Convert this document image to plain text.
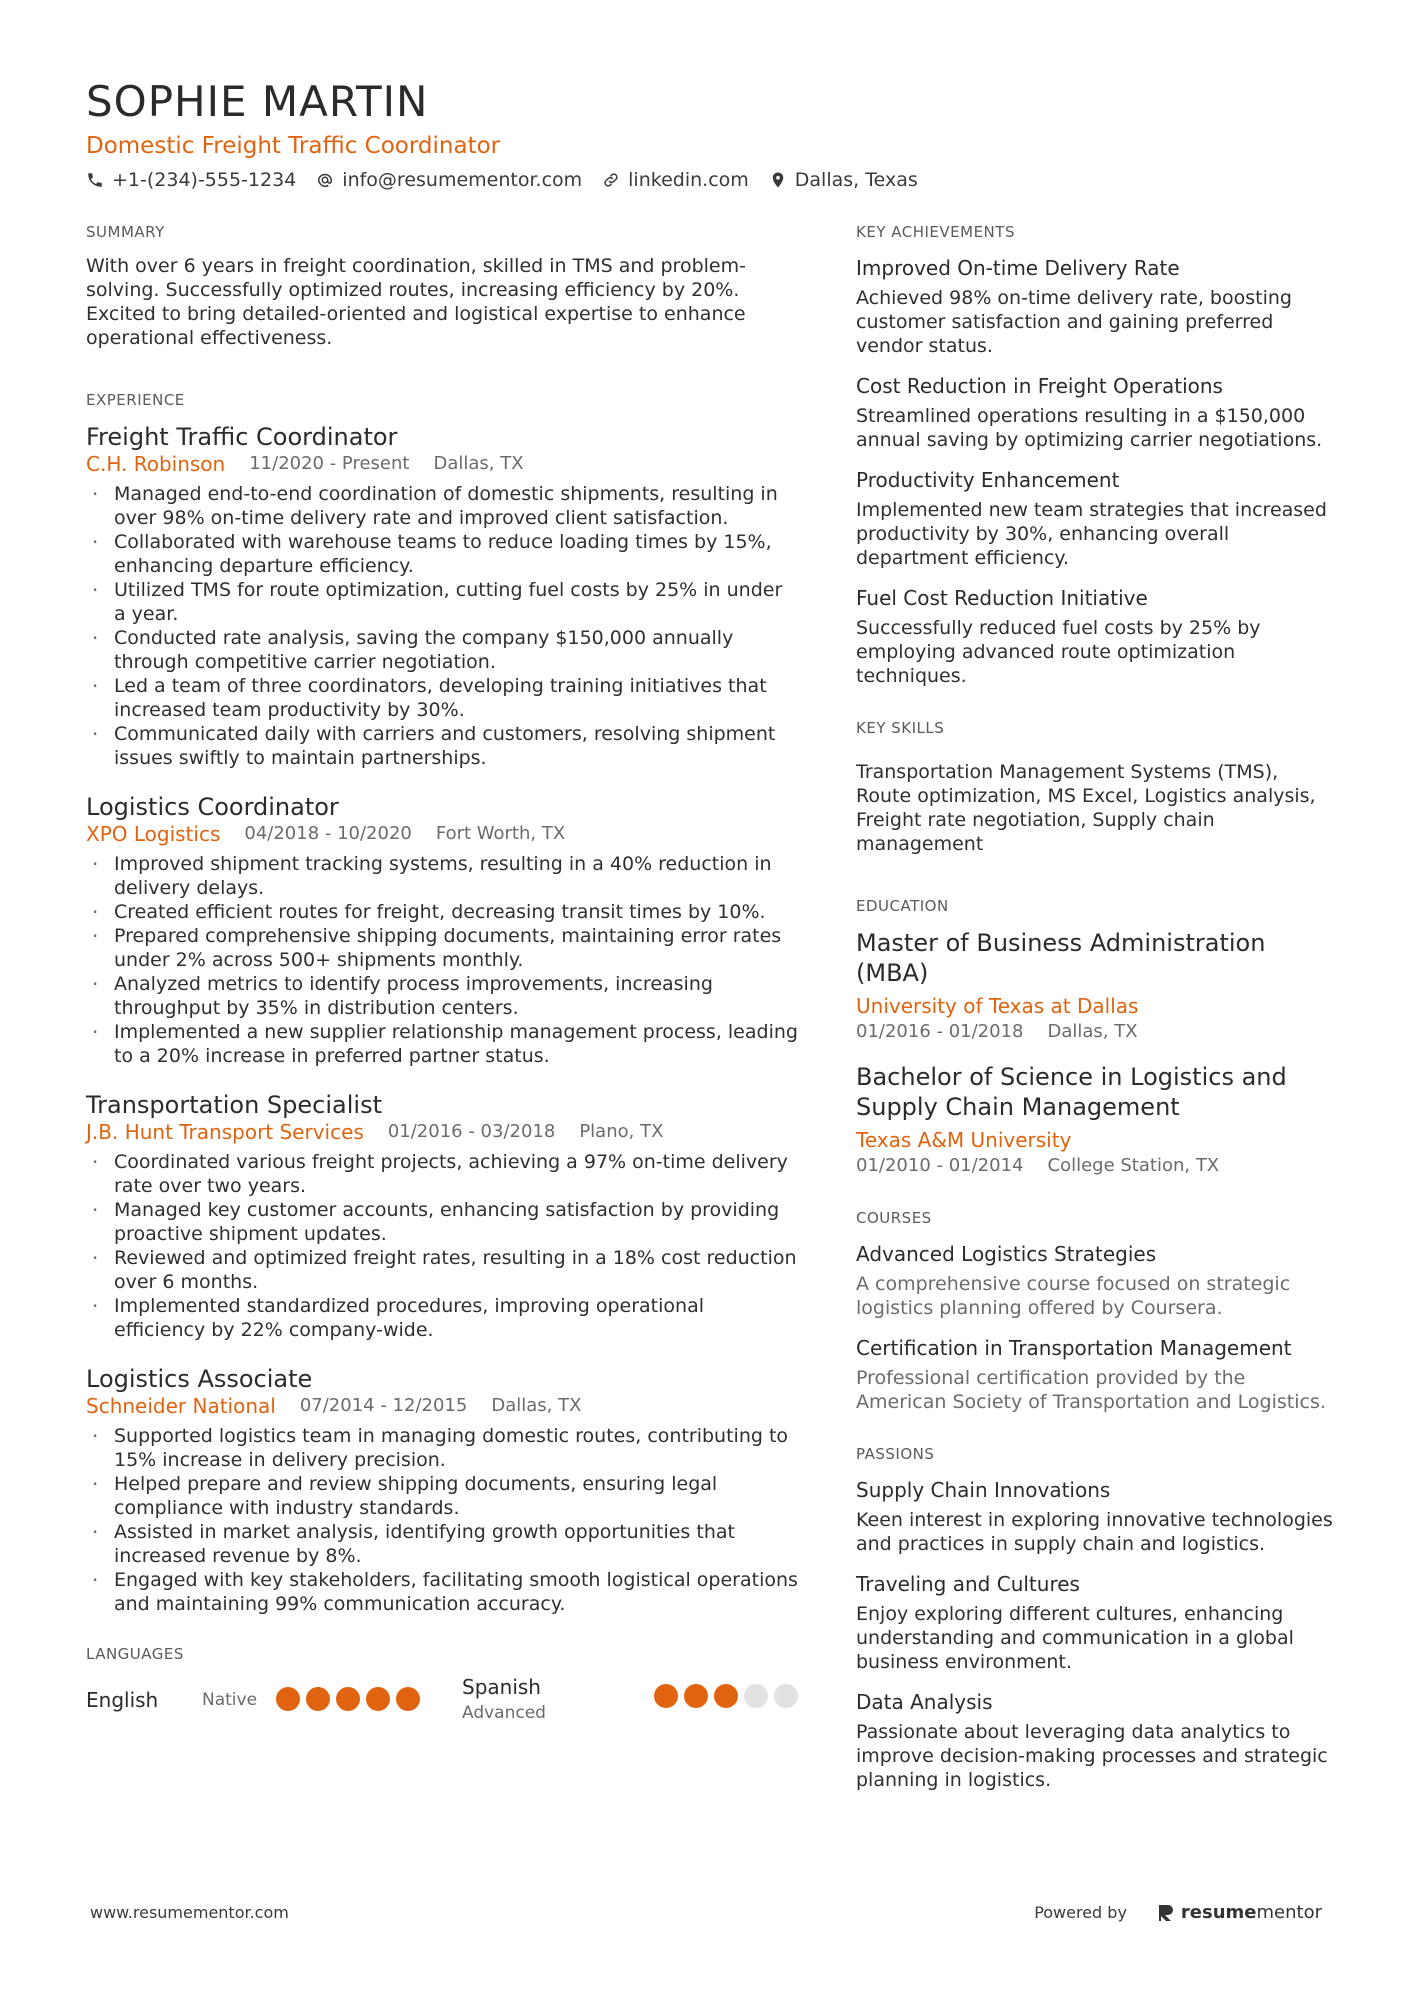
SOPHIE MARTIN
Domestic Freight Traffic Coordinator
+1-(234)-555-1234 info@resumementor.com linkedin.com Dallas, Texas
SUMMARY
With over 6 years in freight coordination, skilled in TMS and problem-solving. Successfully optimized routes, increasing efficiency by 20%. Excited to bring detailed-oriented and logistical expertise to enhance operational effectiveness.
EXPERIENCE
Freight Traffic Coordinator
C.H. Robinson 11/2020 - Present Dallas, TX
· Managed end-to-end coordination of domestic shipments, resulting in over 98% on-time delivery rate and improved client satisfaction.
· Collaborated with warehouse teams to reduce loading times by 15%, enhancing departure efficiency.
· Utilized TMS for route optimization, cutting fuel costs by 25% in under a year.
· Conducted rate analysis, saving the company $150,000 annually through competitive carrier negotiation.
· Led a team of three coordinators, developing training initiatives that increased team productivity by 30%.
· Communicated daily with carriers and customers, resolving shipment issues swiftly to maintain partnerships.
Logistics Coordinator
XPO Logistics 04/2018 - 10/2020 Fort Worth, TX
· Improved shipment tracking systems, resulting in a 40% reduction in delivery delays.
· Created efficient routes for freight, decreasing transit times by 10%.
· Prepared comprehensive shipping documents, maintaining error rates under 2% across 500+ shipments monthly.
· Analyzed metrics to identify process improvements, increasing throughput by 35% in distribution centers.
· Implemented a new supplier relationship management process, leading to a 20% increase in preferred partner status.
Transportation Specialist
J.B. Hunt Transport Services 01/2016 - 03/2018 Plano, TX
· Coordinated various freight projects, achieving a 97% on-time delivery rate over two years.
· Managed key customer accounts, enhancing satisfaction by providing proactive shipment updates.
· Reviewed and optimized freight rates, resulting in a 18% cost reduction over 6 months.
· Implemented standardized procedures, improving operational efficiency by 22% company-wide.
Logistics Associate
Schneider National 07/2014 - 12/2015 Dallas, TX
· Supported logistics team in managing domestic routes, contributing to 15% increase in delivery precision.
· Helped prepare and review shipping documents, ensuring legal compliance with industry standards.
· Assisted in market analysis, identifying growth opportunities that increased revenue by 8%.
· Engaged with key stakeholders, facilitating smooth logistical operations and maintaining 99% communication accuracy.
LANGUAGES
English	Native
Spanish
Advanced
KEY ACHIEVEMENTS
Improved On-time Delivery Rate
Achieved 98% on-time delivery rate, boosting customer satisfaction and gaining preferred vendor status.
Cost Reduction in Freight Operations
Streamlined operations resulting in a $150,000 annual saving by optimizing carrier negotiations.
Productivity Enhancement
Implemented new team strategies that increased productivity by 30%, enhancing overall department efficiency.
Fuel Cost Reduction Initiative
Successfully reduced fuel costs by 25% by employing advanced route optimization techniques.
KEY SKILLS
Transportation Management Systems (TMS), Route optimization, MS Excel, Logistics analysis, Freight rate negotiation, Supply chain management
EDUCATION
Master of Business Administration (MBA)
University of Texas at Dallas
01/2016 - 01/2018 Dallas, TX
Bachelor of Science in Logistics and Supply Chain Management
Texas A&M University
01/2010 - 01/2014 College Station, TX
COURSES
Advanced Logistics Strategies
A comprehensive course focused on strategic logistics planning offered by Coursera.
Certification in Transportation Management
Professional certification provided by the American Society of Transportation and Logistics.
PASSIONS
Supply Chain Innovations
Keen interest in exploring innovative technologies and practices in supply chain and logistics.
Traveling and Cultures
Enjoy exploring different cultures, enhancing understanding and communication in a global business environment.
Data Analysis
Passionate about leveraging data analytics to improve decision-making processes and strategic planning in logistics.
www.resumementor.com	Powered by	resumementor
